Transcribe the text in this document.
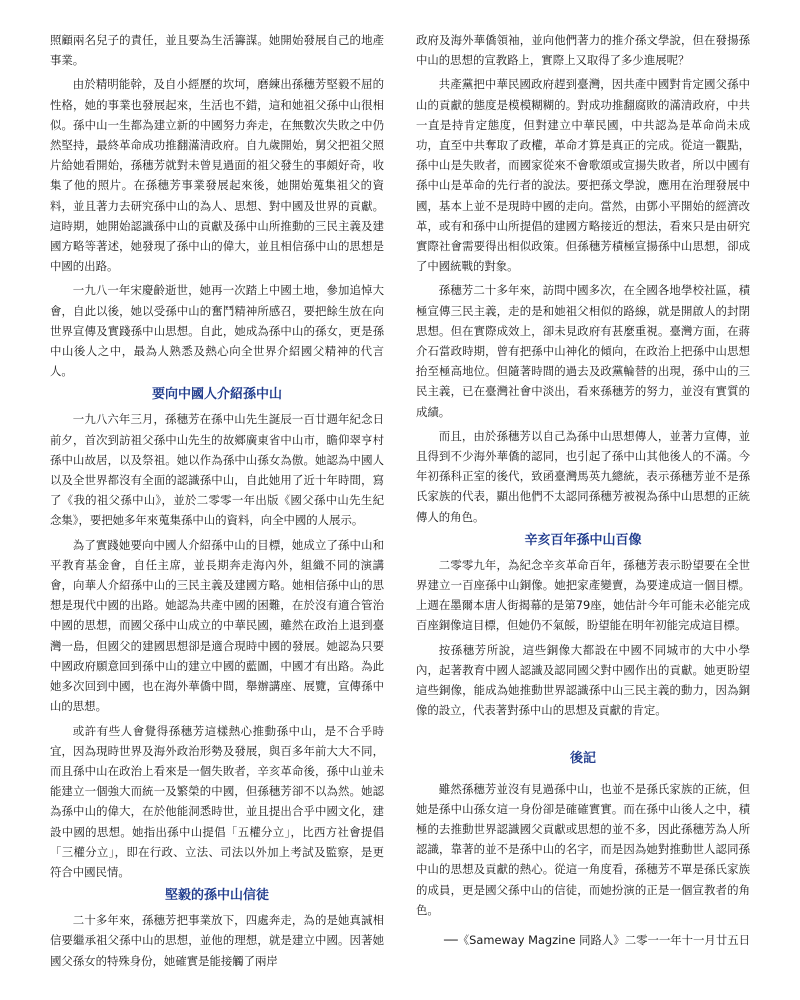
照顧兩名兒子的責任，並且要為生活籌謀。她開始發展自己的地產事業。

由於精明能幹，及自小經歷的坎坷，磨練出孫穗芳堅毅不屈的性格，她的事業也發展起來，生活也不錯，這和她祖父孫中山很相似。孫中山一生都為建立新的中國努力奔走，在無數次失敗之中仍然堅持，最終革命成功推翻滿清政府。自九歲開始，舅父把祖父照片給她看開始，孫穗芳就對未曾見過面的祖父發生的事頗好奇，收集了他的照片。在孫穗芳事業發展起來後，她開始蒐集祖父的資料，並且著力去研究孫中山的為人、思想、對中國及世界的貢獻。這時期，她開始認識孫中山的貢獻及孫中山所推動的三民主義及建國方略等著述，她發現了孫中山的偉大，並且相信孫中山的思想是中國的出路。

一九八一年宋慶齡逝世，她再一次踏上中國土地，參加追悼大會，自此以後，她以受孫中山的奮鬥精神所感召，要把餘生放在向世界宣傳及實踐孫中山思想。自此，她成為孫中山的孫女，更是孫中山後人之中，最為人熟悉及熱心向全世界介紹國父精神的代言人。

要向中國人介紹孫中山

一九八六年三月，孫穗芳在孫中山先生誕辰一百廿週年紀念日前夕，首次到訪祖父孫中山先生的故鄉廣東省中山市，瞻仰翠亨村孫中山故居，以及祭祖。她以作為孫中山孫女為傲。她認為中國人以及全世界都沒有全面的認識孫中山，自此她用了近十年時間，寫了《我的祖父孫中山》，並於二零零一年出版《國父孫中山先生紀念集》，要把她多年來蒐集孫中山的資料，向全中國的人展示。

為了實踐她要向中國人介紹孫中山的目標，她成立了孫中山和平教育基金會，自任主席，並長期奔走海內外，組織不同的演講會，向華人介紹孫中山的三民主義及建國方略。她相信孫中山的思想是現代中國的出路。她認為共產中國的困難，在於沒有適合管治中國的思想，而國父孫中山成立的中華民國，雖然在政治上退到臺灣一島，但國父的建國思想卻是適合現時中國的發展。她認為只要中國政府願意回到孫中山的建立中國的藍圖，中國才有出路。為此她多次回到中國，也在海外華僑中間，舉辦講座、展覽，宣傳孫中山的思想。

或許有些人會覺得孫穗芳這樣熱心推動孫中山，是不合乎時宜，因為現時世界及海外政治形勢及發展，與百多年前大大不同，而且孫中山在政治上看來是一個失敗者，辛亥革命後，孫中山並未能建立一個強大而統一及繁榮的中國，但孫穗芳卻不以為然。她認為孫中山的偉大，在於他能洞悉時世，並且提出合乎中國文化，建設中國的思想。她指出孫中山提倡「五權分立」，比西方社會提倡「三權分立」，即在行政、立法、司法以外加上考試及監察，是更符合中國民情。

堅毅的孫中山信徒

二十多年來，孫穗芳把事業放下，四處奔走，為的是她真誠相信要繼承祖父孫中山的思想，並他的理想，就是建立中國。因著她國父孫女的特殊身份，她確實是能接觸了兩岸

政府及海外華僑領袖，並向他們著力的推介孫文學說，但在發揚孫中山的思想的宣教路上，實際上又取得了多少進展呢？

共產黨把中華民國政府趕到臺灣，因共產中國對肯定國父孫中山的貢獻的態度是模模糊糊的。對成功推翻腐敗的滿清政府，中共一直是持肯定態度，但對建立中華民國，中共認為是革命尚未成功，直至中共奪取了政權，革命才算是真正的完成。從這一觀點，孫中山是失敗者，而國家從來不會歌頌或宣揚失敗者，所以中國有孫中山是革命的先行者的說法。要把孫文學說，應用在治理發展中國，基本上並不是現時中國的走向。當然，由鄧小平開始的經濟改革，或有和孫中山所提倡的建國方略接近的想法，看來只是由研究實際社會需要得出相似政策。但孫穗芳積極宣揚孫中山思想，卻成了中國統戰的對象。

孫穗芳二十多年來，訪問中國多次，在全國各地學校社區，積極宣傳三民主義，走的是和她祖父相似的路線，就是開啟人的封閉思想。但在實際成效上，卻未見政府有甚麼重視。臺灣方面，在蔣介石當政時期，曾有把孫中山神化的傾向，在政治上把孫中山思想抬至極高地位。但隨著時間的過去及政黨輪替的出現，孫中山的三民主義，已在臺灣社會中淡出，看來孫穗芳的努力，並沒有實質的成績。

而且，由於孫穗芳以自己為孫中山思想傳人，並著力宣傳，並且得到不少海外華僑的認同，也引起了孫中山其他後人的不滿。今年初孫科正室的後代，致函臺灣馬英九總統，表示孫穗芳並不是孫氏家族的代表，顯出他們不太認同孫穗芳被視為孫中山思想的正統傳人的角色。

辛亥百年孫中山百像

二零零九年，為紀念辛亥革命百年，孫穗芳表示盼望要在全世界建立一百座孫中山銅像。她把家產變賣，為要達成這一個目標。上週在墨爾本唐人街揭幕的是第79座，她估計今年可能未必能完成百座銅像這目標，但她仍不氣餒，盼望能在明年初能完成這目標。

按孫穗芳所說，這些銅像大都設在中國不同城市的大中小學內，起著教育中國人認識及認同國父對中國作出的貢獻。她更盼望這些銅像，能成為她推動世界認識孫中山三民主義的動力，因為銅像的設立，代表著對孫中山的思想及貢獻的肯定。

後記

雖然孫穗芳並沒有見過孫中山，也並不是孫氏家族的正統，但她是孫中山孫女這一身份卻是確確實實。而在孫中山後人之中，積極的去推動世界認識國父貢獻或思想的並不多，因此孫穗芳為人所認識，靠著的並不是孫中山的名字，而是因為她對推動世人認同孫中山的思想及貢獻的熱心。從這一角度看，孫穗芳不單是孫氏家族的成員，更是國父孫中山的信徒，而她扮演的正是一個宣教者的角色。

──《Sameway Magzine 同路人》二零一一年十一月廿五日
